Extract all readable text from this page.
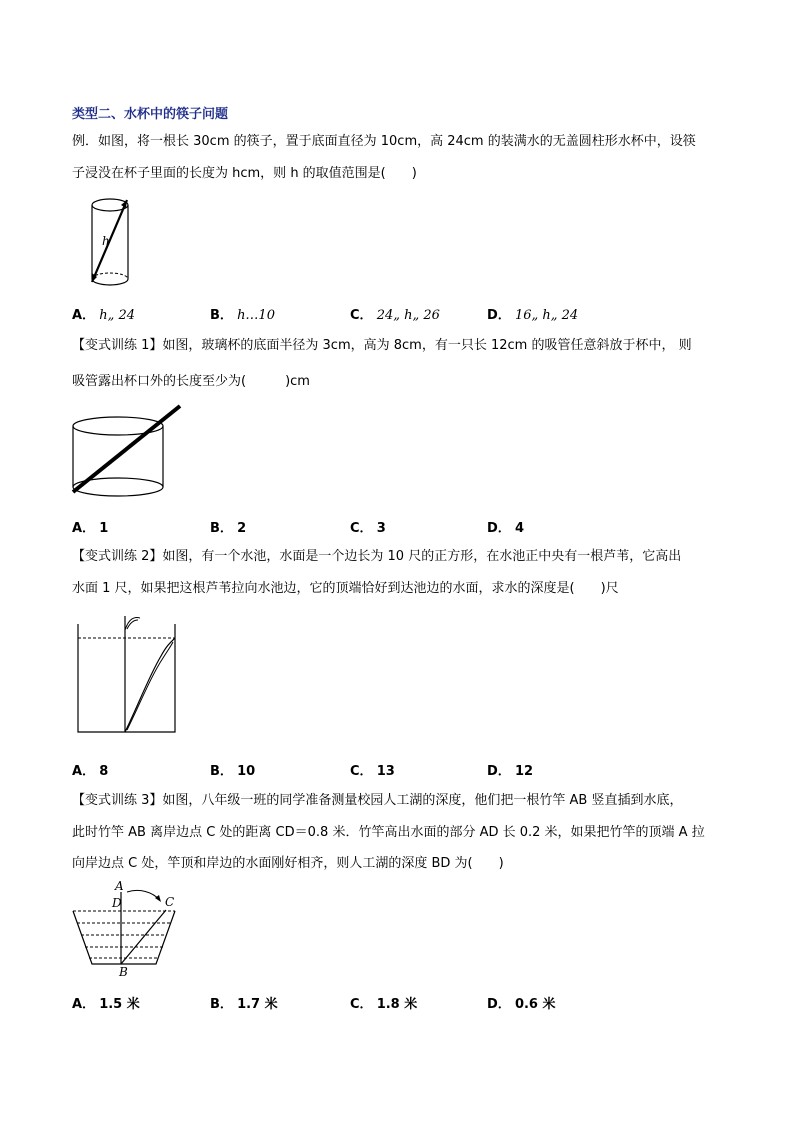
类型二、水杯中的筷子问题
例．如图，将一根长 30cm 的筷子，置于底面直径为 10cm，高 24cm 的装满水的无盖圆柱形水杯中，设筷
子浸没在杯子里面的长度为 hcm，则 h 的取值范围是(　　)
h
A． h„ 24	B． h…10	C． 24„ h„ 26	D． 16„ h„ 24
【变式训练 1】如图，玻璃杯的底面半径为 3cm，高为 8cm，有一只长 12cm 的吸管任意斜放于杯中， 则
吸管露出杯口外的长度至少为(　　　)cm
A． 1	B． 2	C． 3	D． 4
【变式训练 2】如图，有一个水池，水面是一个边长为 10 尺的正方形，在水池正中央有一根芦苇，它高出
水面 1 尺，如果把这根芦苇拉向水池边，它的顶端恰好到达池边的水面，求水的深度是(　　)尺
A． 8	B． 10	C． 13	D． 12
【变式训练 3】如图，八年级一班的同学准备测量校园人工湖的深度，他们把一根竹竿 AB 竖直插到水底，
此时竹竿 AB 离岸边点 C 处的距离 CD＝0.8 米．竹竿高出水面的部分 AD 长 0.2 米，如果把竹竿的顶端 A 拉
向岸边点 C 处，竿顶和岸边的水面刚好相齐，则人工湖的深度 BD 为(　　)
A
D	C
B
A． 1.5 米	B． 1.7 米	C． 1.8 米	D． 0.6 米
